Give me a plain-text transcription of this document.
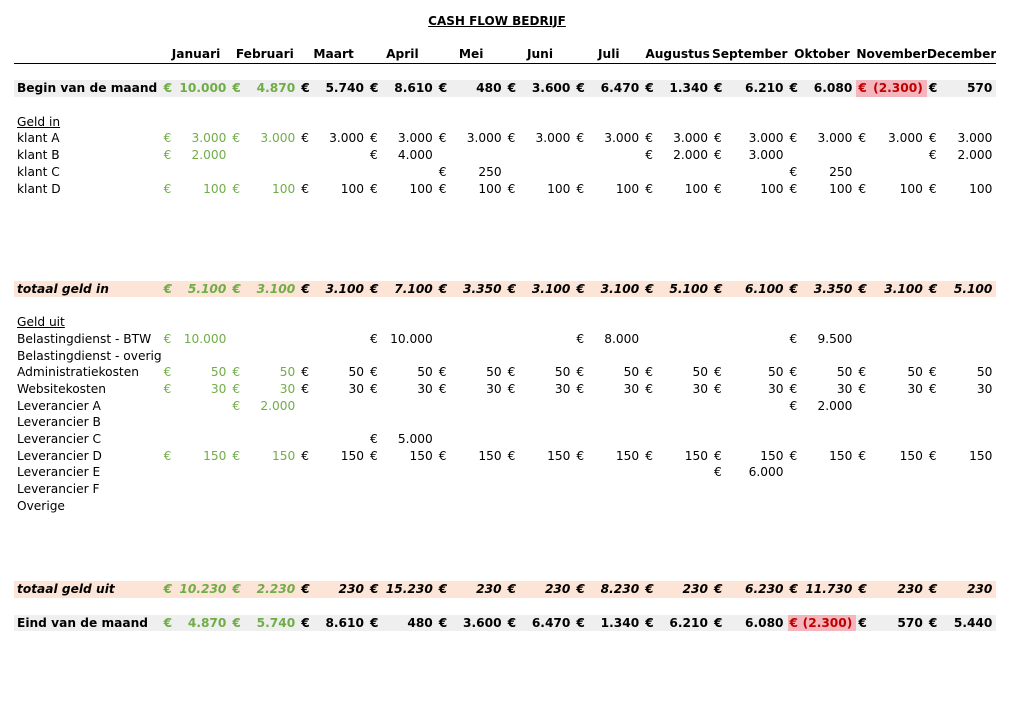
CASH FLOW BEDRIJF
	Januari		Februari		Maart		April		Mei		Juni		Juli		Augustus		September		Oktober		November		December	

Begin van de maand	€	10.000	€	4.870	€	5.740	€	8.610	€	480	€	3.600	€	6.470	€	1.340	€	6.210	€	6.080	€	(2.300)	€	570

Geld in																								
klant A	€	3.000	€	3.000	€	3.000	€	3.000	€	3.000	€	3.000	€	3.000	€	3.000	€	3.000	€	3.000	€	3.000	€	3.000
klant B	€	2.000					€	4.000							€	2.000	€	3.000					€	2.000
klant C									€	250									€	250				
klant D	€	100	€	100	€	100	€	100	€	100	€	100	€	100	€	100	€	100	€	100	€	100	€	100

totaal geld in	€	5.100	€	3.100	€	3.100	€	7.100	€	3.350	€	3.100	€	3.100	€	5.100	€	6.100	€	3.350	€	3.100	€	5.100

Geld uit																								
Belastingdienst - BTW	€	10.000					€	10.000					€	8.000					€	9.500				
Belastingdienst - overig																								
Administratiekosten	€	50	€	50	€	50	€	50	€	50	€	50	€	50	€	50	€	50	€	50	€	50	€	50
Websitekosten	€	30	€	30	€	30	€	30	€	30	€	30	€	30	€	30	€	30	€	30	€	30	€	30
Leverancier A			€	2.000															€	2.000				
Leverancier B																								
Leverancier C							€	5.000																
Leverancier D	€	150	€	150	€	150	€	150	€	150	€	150	€	150	€	150	€	150	€	150	€	150	€	150
Leverancier E																	€	6.000						
Leverancier F																								
Overige																								

totaal geld uit	€	10.230	€	2.230	€	230	€	15.230	€	230	€	230	€	8.230	€	230	€	6.230	€	11.730	€	230	€	230

Eind van de maand	€	4.870	€	5.740	€	8.610	€	480	€	3.600	€	6.470	€	1.340	€	6.210	€	6.080	€	(2.300)	€	570	€	5.440
